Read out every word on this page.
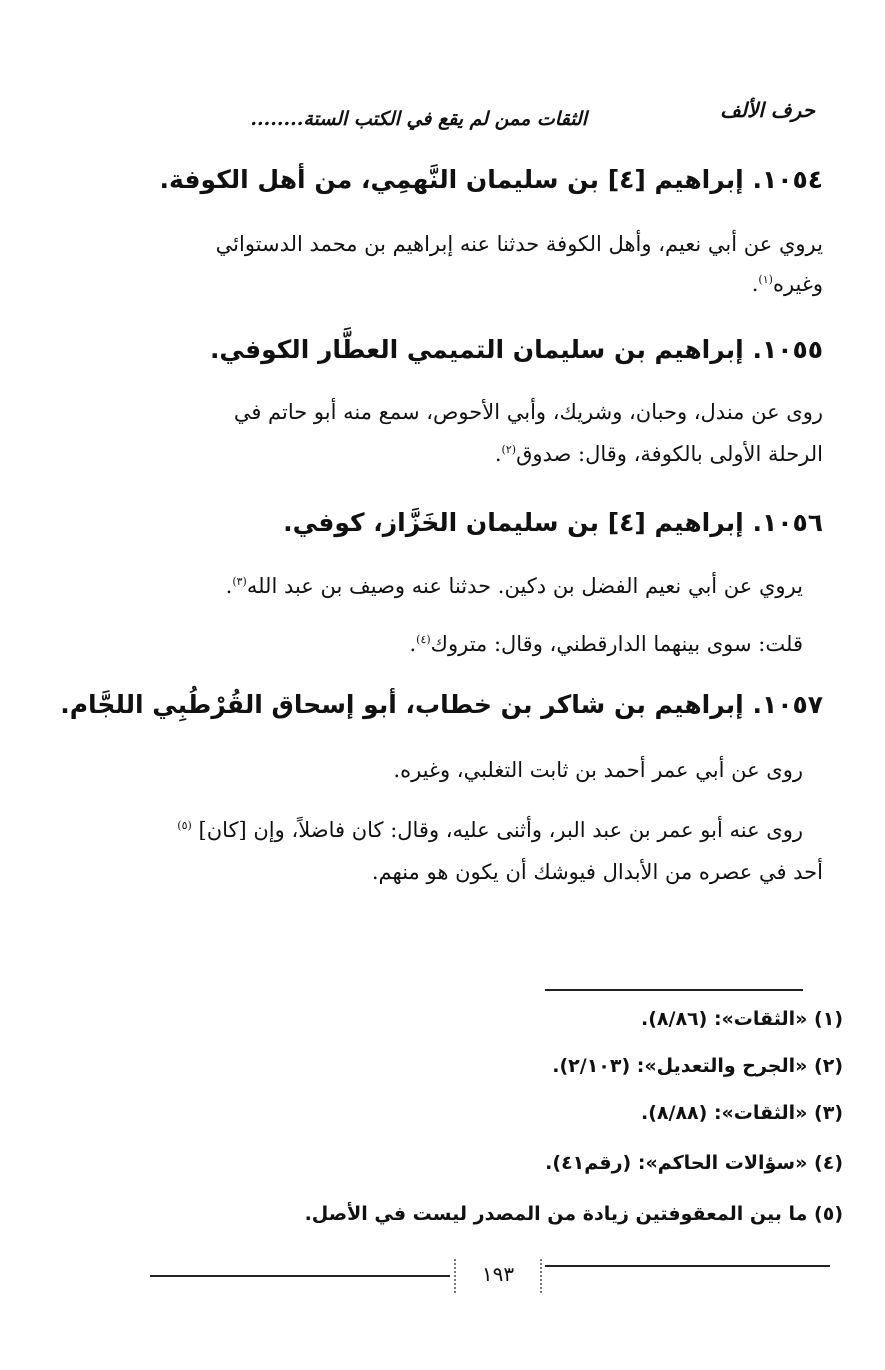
حرف الألف
الثقات ممن لم يقع في الكتب الستة........
١٠٥٤. إبراهيم [٤] بن سليمان النَّهمِي، من أهل الكوفة.
يروي عن أبي نعيم، وأهل الكوفة حدثنا عنه إبراهيم بن محمد الدستوائي
وغيره$^{(١)}$.
١٠٥٥. إبراهيم بن سليمان التميمي العطَّار الكوفي.
روى عن مندل، وحبان، وشريك، وأبي الأحوص، سمع منه أبو حاتم في
الرحلة الأولى بالكوفة، وقال: صدوق$^{(٢)}$.
١٠٥٦. إبراهيم [٤] بن سليمان الخَزَّاز، كوفي.
يروي عن أبي نعيم الفضل بن دكين. حدثنا عنه وصيف بن عبد الله$^{(٣)}$.
قلت: سوى بينهما الدارقطني، وقال: متروك$^{(٤)}$.
١٠٥٧. إبراهيم بن شاكر بن خطاب، أبو إسحاق القُرْطُبِي اللجَّام.
روى عن أبي عمر أحمد بن ثابت التغلبي، وغيره.
روى عنه أبو عمر بن عبد البر، وأثنى عليه، وقال: كان فاضلاً، وإن [كان] $^{(٥)}$
أحد في عصره من الأبدال فيوشك أن يكون هو منهم.
(١) «الثقات»: (٨/٨٦).
(٢) «الجرح والتعديل»: (٢/١٠٣).
(٣) «الثقات»: (٨/٨٨).
(٤) «سؤالات الحاكم»: (رقم٤١).
(٥) ما بين المعقوفتين زيادة من المصدر ليست في الأصل.
١٩٣
